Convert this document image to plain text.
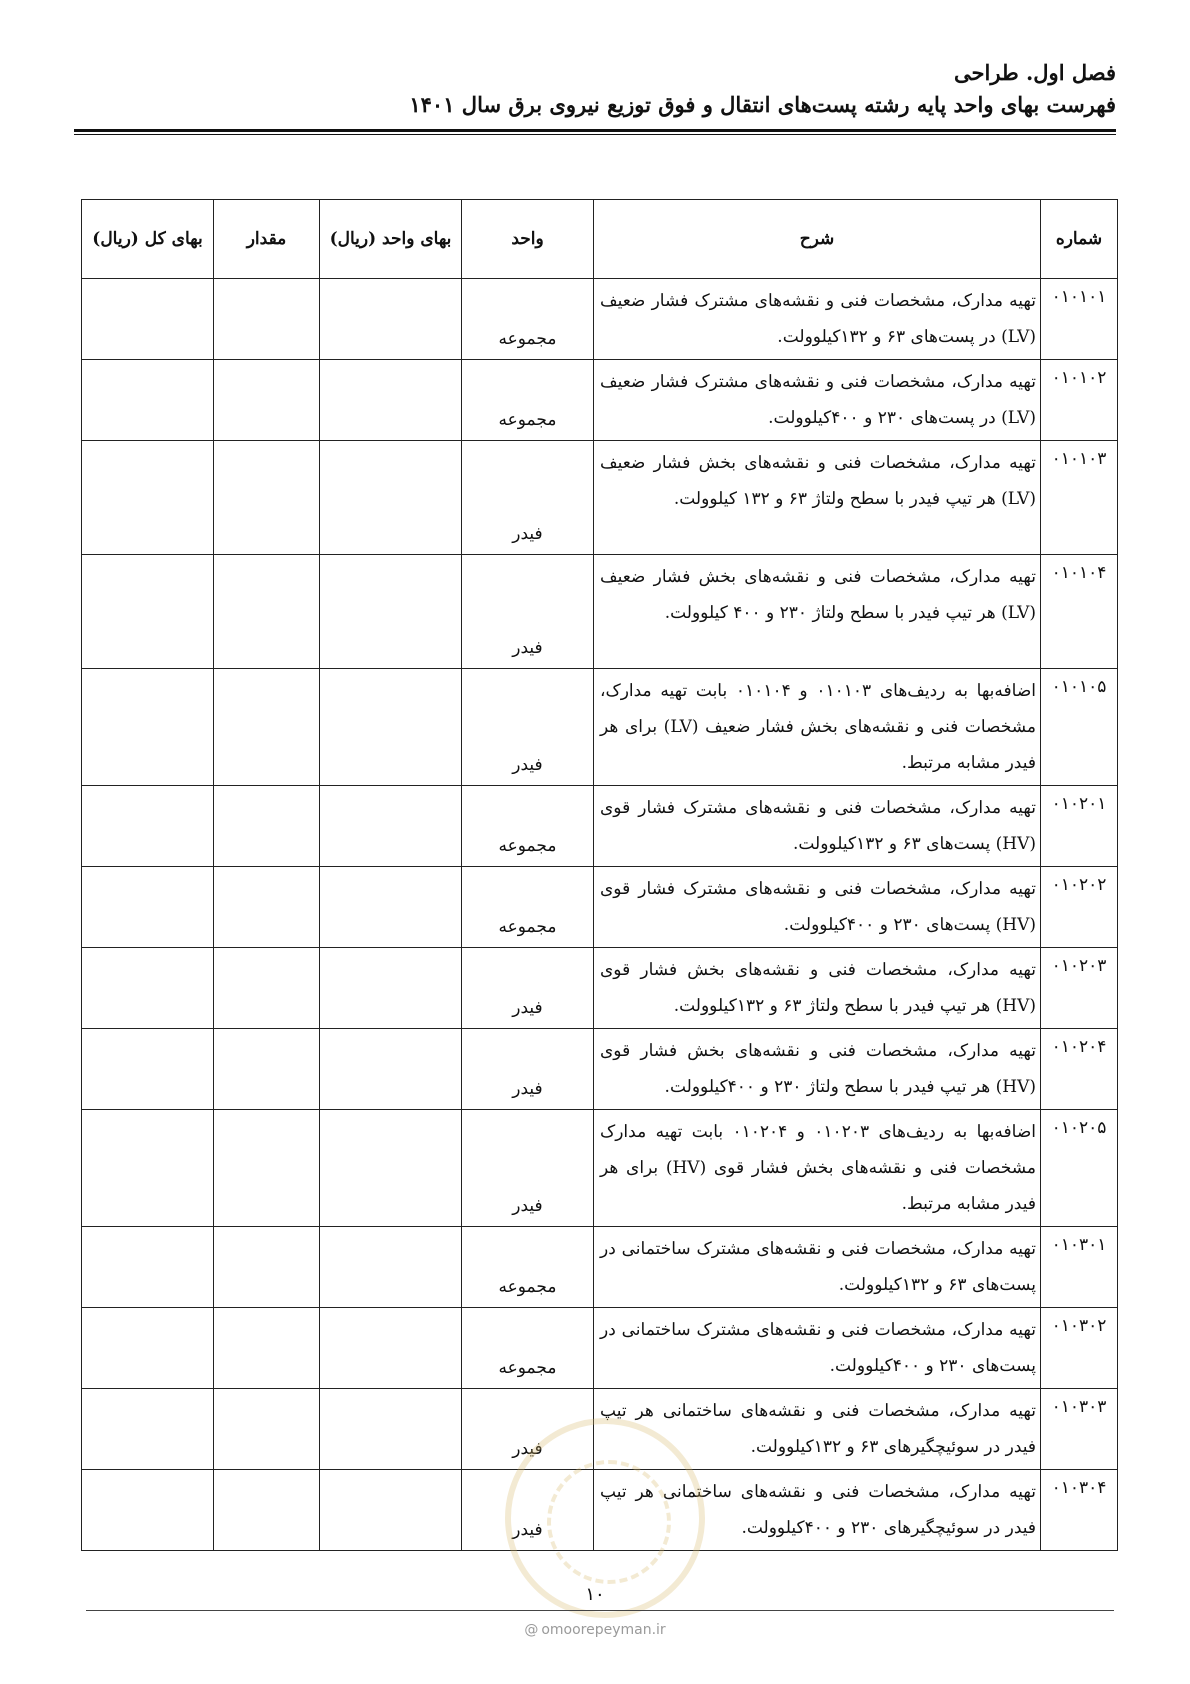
فصل اول. طراحی
فهرست بهای واحد پایه رشته پست‌های انتقال و فوق توزیع نیروی برق سال ۱۴۰۱
شماره	شرح	واحد	بهای واحد (ریال)	مقدار	بهای کل (ریال)
۰۱۰۱۰۱	تهیه مدارک، مشخصات فنی و نقشه‌های مشترک فشار ضعیف (LV) در پست‌های ۶۳ و ۱۳۲کیلوولت.	مجموعه			
۰۱۰۱۰۲	تهیه مدارک، مشخصات فنی و نقشه‌های مشترک فشار ضعیف (LV) در پست‌های ۲۳۰ و ۴۰۰کیلوولت.	مجموعه			
۰۱۰۱۰۳	تهیه مدارک، مشخصات فنی و نقشه‌های بخش فشار ضعیف (LV) هر تیپ فیدر با سطح ولتاژ ۶۳ و ۱۳۲ کیلوولت.	فیدر			
۰۱۰۱۰۴	تهیه مدارک، مشخصات فنی و نقشه‌های بخش فشار ضعیف (LV) هر تیپ فیدر با سطح ولتاژ ۲۳۰ و ۴۰۰ کیلوولت.	فیدر			
۰۱۰۱۰۵	اضافه‌بها به ردیف‌های ۰۱۰۱۰۳ و ۰۱۰۱۰۴ بابت تهیه مدارک، مشخصات فنی و نقشه‌های بخش فشار ضعیف (LV) برای هر فیدر مشابه مرتبط.	فیدر			
۰۱۰۲۰۱	تهیه مدارک، مشخصات فنی و نقشه‌های مشترک فشار قوی (HV) پست‌های ۶۳ و ۱۳۲کیلوولت.	مجموعه			
۰۱۰۲۰۲	تهیه مدارک، مشخصات فنی و نقشه‌های مشترک فشار قوی (HV) پست‌های ۲۳۰ و ۴۰۰کیلوولت.	مجموعه			
۰۱۰۲۰۳	تهیه مدارک، مشخصات فنی و نقشه‌های بخش فشار قوی (HV) هر تیپ فیدر با سطح ولتاژ ۶۳ و ۱۳۲کیلوولت.	فیدر			
۰۱۰۲۰۴	تهیه مدارک، مشخصات فنی و نقشه‌های بخش فشار قوی (HV) هر تیپ فیدر با سطح ولتاژ ۲۳۰ و ۴۰۰کیلوولت.	فیدر			
۰۱۰۲۰۵	اضافه‌بها به ردیف‌های ۰۱۰۲۰۳ و ۰۱۰۲۰۴ بابت تهیه مدارک مشخصات فنی و نقشه‌های بخش فشار قوی (HV) برای هر فیدر مشابه مرتبط.	فیدر			
۰۱۰۳۰۱	تهیه مدارک، مشخصات فنی و نقشه‌های مشترک ساختمانی در پست‌های ۶۳ و ۱۳۲کیلوولت.	مجموعه			
۰۱۰۳۰۲	تهیه مدارک، مشخصات فنی و نقشه‌های مشترک ساختمانی در پست‌های ۲۳۰ و ۴۰۰کیلوولت.	مجموعه			
۰۱۰۳۰۳	تهیه مدارک، مشخصات فنی و نقشه‌های ساختمانی هر تیپ فیدر در سوئیچگیرهای ۶۳ و ۱۳۲کیلوولت.	فیدر			
۰۱۰۳۰۴	تهیه مدارک، مشخصات فنی و نقشه‌های ساختمانی هر تیپ فیدر در سوئیچگیرهای ۲۳۰ و ۴۰۰کیلوولت.	فیدر			
۱۰
@ omoorepeyman.ir
